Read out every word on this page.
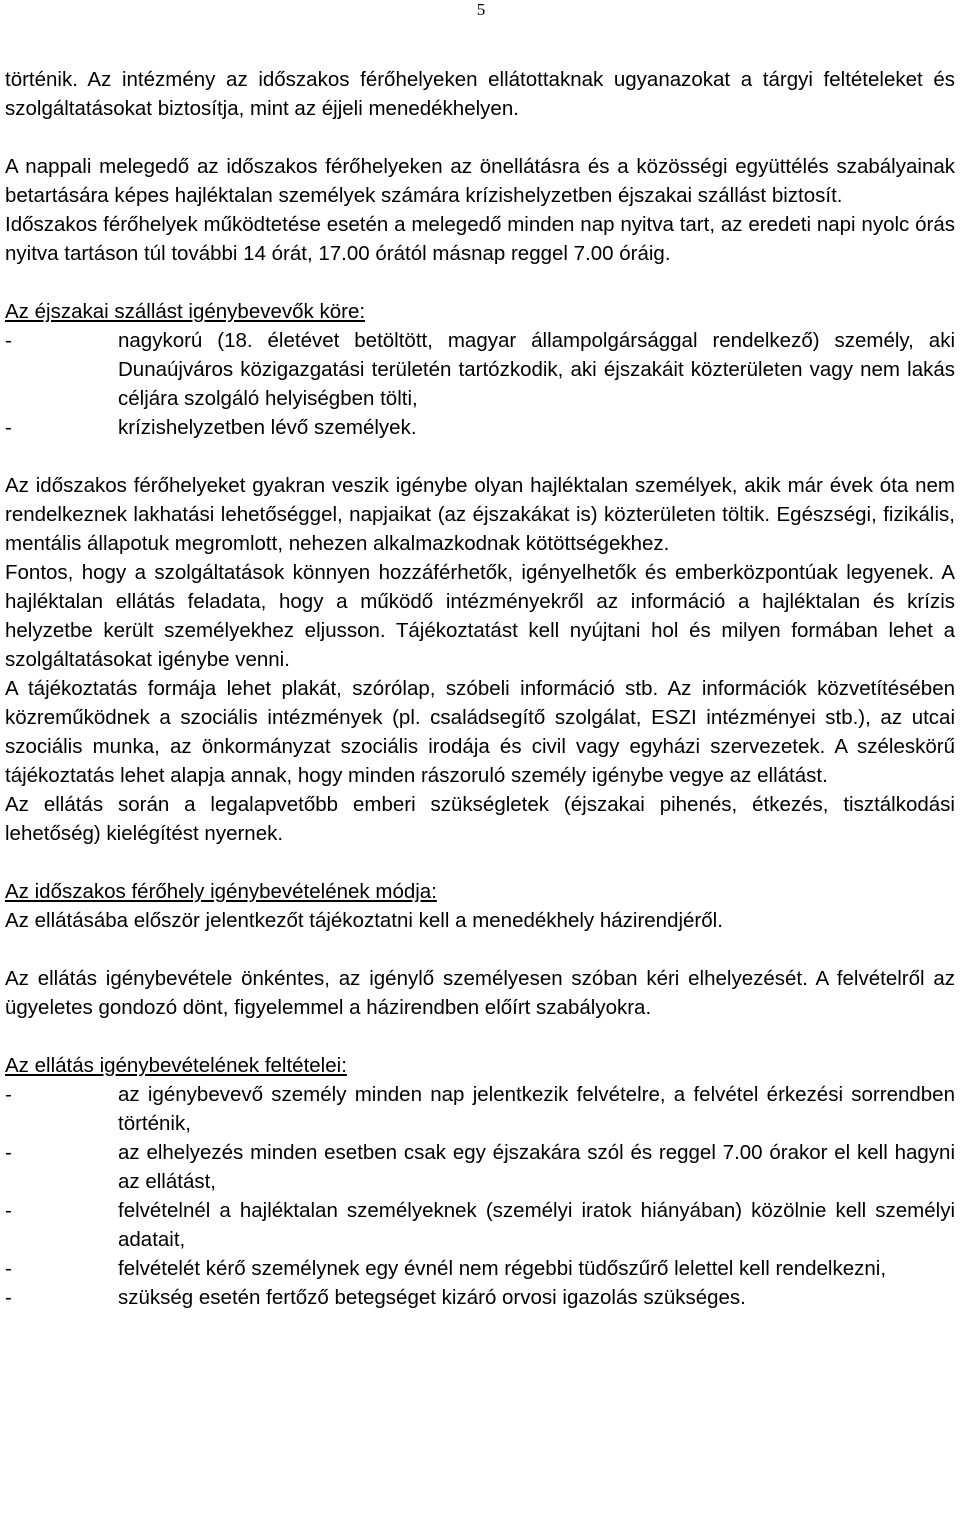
5

történik. Az intézmény az időszakos férőhelyeken ellátottaknak ugyanazokat a tárgyi feltételeket és szolgáltatásokat biztosítja, mint az éjjeli menedékhelyen.

A nappali melegedő az időszakos férőhelyeken az önellátásra és a közösségi együttélés szabályainak betartására képes hajléktalan személyek számára krízishelyzetben éjszakai szállást biztosít.

Időszakos férőhelyek működtetése esetén a melegedő minden nap nyitva tart, az eredeti napi nyolc órás nyitva tartáson túl további 14 órát, 17.00 órától másnap reggel 7.00 óráig.

Az éjszakai szállást igénybevevők köre:

-	nagykorú (18. életévet betöltött, magyar állampolgársággal rendelkező) személy, aki Dunaújváros közigazgatási területén tartózkodik, aki éjszakáit közterületen vagy nem lakás céljára szolgáló helyiségben tölti,
-	krízishelyzetben lévő személyek.

Az időszakos férőhelyeket gyakran veszik igénybe olyan hajléktalan személyek, akik már évek óta nem rendelkeznek lakhatási lehetőséggel, napjaikat (az éjszakákat is) közterületen töltik. Egészségi, fizikális, mentális állapotuk megromlott, nehezen alkalmazkodnak kötöttségekhez.

Fontos, hogy a szolgáltatások könnyen hozzáférhetők, igényelhetők és emberközpontúak legyenek. A hajléktalan ellátás feladata, hogy a működő intézményekről az információ a hajléktalan és krízis helyzetbe került személyekhez eljusson. Tájékoztatást kell nyújtani hol és milyen formában lehet a szolgáltatásokat igénybe venni.

A tájékoztatás formája lehet plakát, szórólap, szóbeli információ stb. Az információk közvetítésében közreműködnek a szociális intézmények (pl. családsegítő szolgálat, ESZI intézményei stb.), az utcai szociális munka, az önkormányzat szociális irodája és civil vagy egyházi szervezetek. A széleskörű tájékoztatás lehet alapja annak, hogy minden rászoruló személy igénybe vegye az ellátást.

Az ellátás során a legalapvetőbb emberi szükségletek (éjszakai pihenés, étkezés, tisztálkodási lehetőség) kielégítést nyernek.

Az időszakos férőhely igénybevételének módja:

Az ellátásába először jelentkezőt tájékoztatni kell a menedékhely házirendjéről.

Az ellátás igénybevétele önkéntes, az igénylő személyesen szóban kéri elhelyezését. A felvételről az ügyeletes gondozó dönt, figyelemmel a házirendben előírt szabályokra.

Az ellátás igénybevételének feltételei:

-	az igénybevevő személy minden nap jelentkezik felvételre, a felvétel érkezési sorrendben történik,
-	az elhelyezés minden esetben csak egy éjszakára szól és reggel 7.00 órakor el kell hagyni az ellátást,
-	felvételnél a hajléktalan személyeknek (személyi iratok hiányában) közölnie kell személyi adatait,
-	felvételét kérő személynek egy évnél nem régebbi tüdőszűrő lelettel kell rendelkezni,
-	szükség esetén fertőző betegséget kizáró orvosi igazolás szükséges.
